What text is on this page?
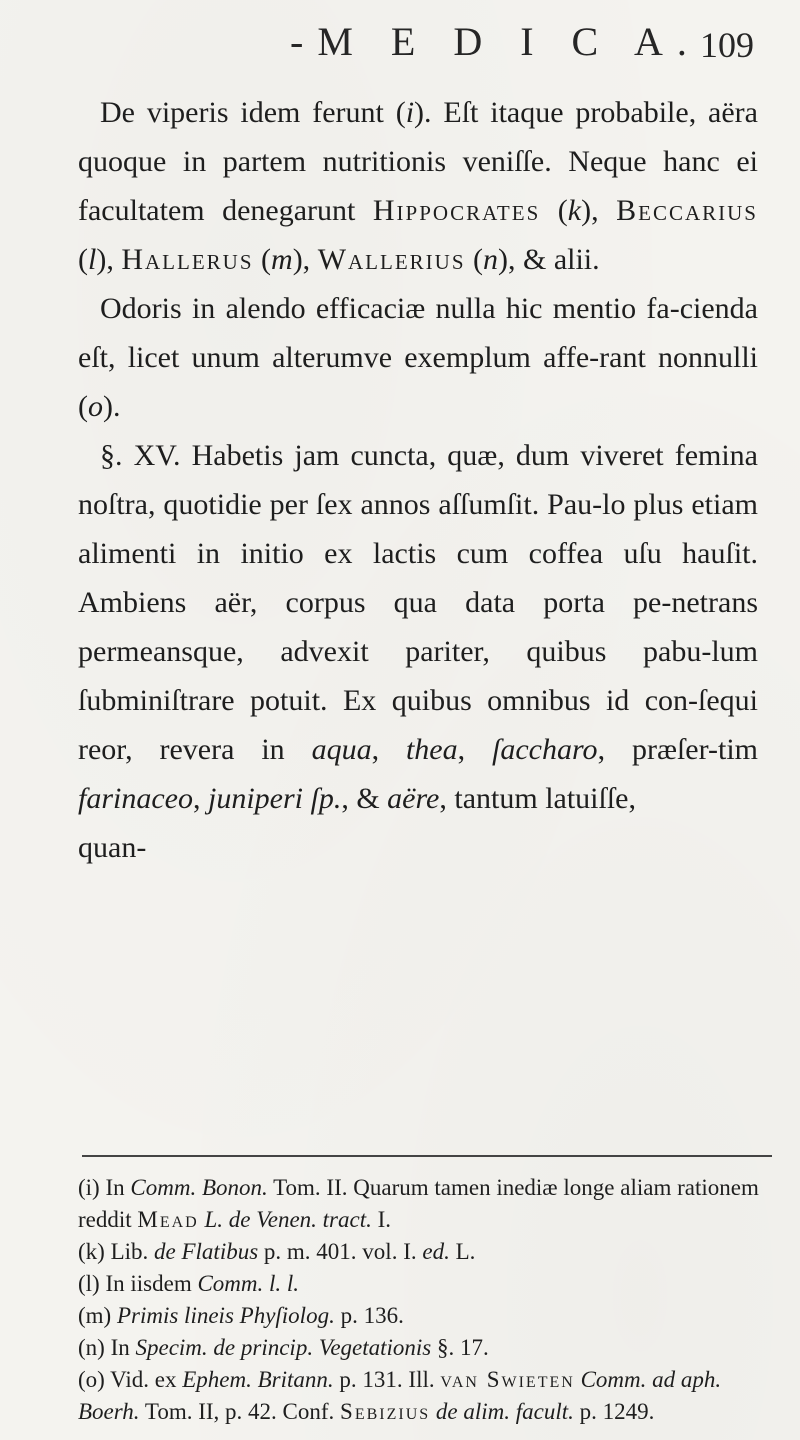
-M E D I C A. 109

De viperis idem ferunt (i). Eſt itaque probabile, aëra quoque in partem nutritionis veniſſe. Neque hanc ei facultatem denegarunt Hippocrates (k), Beccarius (l), Hallerus (m), Wallerius (n), & alii.

Odoris in alendo efficaciæ nulla hic mentio fa-cienda eſt, licet unum alterumve exemplum affe-rant nonnulli (o).

§. XV. Habetis jam cuncta, quæ, dum viveret femina noſtra, quotidie per ſex annos aſſumſit. Pau-lo plus etiam alimenti in initio ex lactis cum coffea uſu hauſit. Ambiens aër, corpus qua data porta pe-netrans permeansque, advexit pariter, quibus pabu-lum ſubminiſtrare potuit. Ex quibus omnibus id con-ſequi reor, revera in aqua, thea, ſaccharo, præſer-tim farinaceo, juniperi ſp., & aëre, tantum latuiſſe,

quan-

(i) In Comm. Bonon. Tom. II. Quarum tamen inediæ longe aliam rationem reddit Mead L. de Venen. tract. I.

(k) Lib. de Flatibus p. m. 401. vol. I. ed. L.

(l) In iisdem Comm. l. l.

(m) Primis lineis Phyſiolog. p. 136.

(n) In Specim. de princip. Vegetationis §. 17.

(o) Vid. ex Ephem. Britann. p. 131. Ill. van Swieten Comm. ad aph. Boerh. Tom. II, p. 42. Conf. Sebizius de alim. facult. p. 1249.
